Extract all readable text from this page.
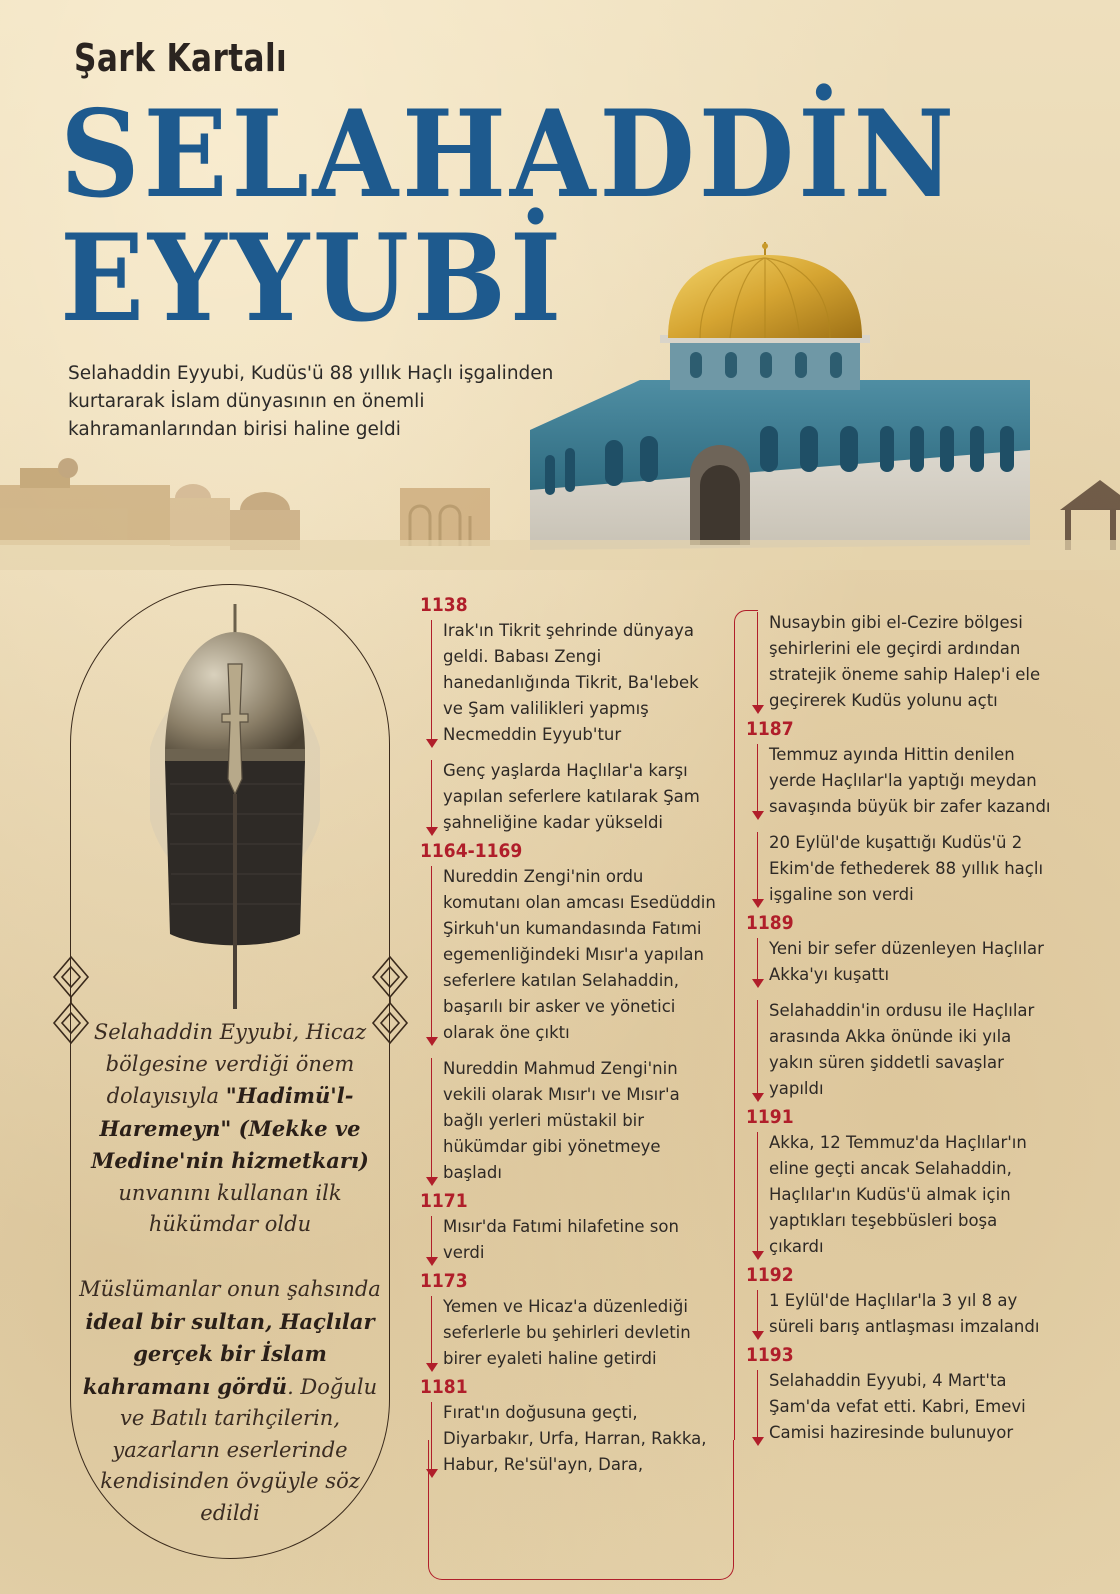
Şark Kartalı
SELAHADDİN
EYYUBİ
Selahaddin Eyyubi, Kudüs'ü 88 yıllık Haçlı işgalinden kurtararak İslam dünyasının en önemli kahramanlarından birisi haline geldi
Selahaddin Eyyubi, Hicaz bölgesine verdiği önem dolayısıyla "Hadimü'l-Haremeyn" (Mekke ve Medine'nin hizmetkarı) unvanını kullanan ilk hükümdar oldu
Müslümanlar onun şahsında ideal bir sultan, Haçlılar gerçek bir İslam kahramanı gördü. Doğulu ve Batılı tarihçilerin, yazarların eserlerinde kendisinden övgüyle söz edildi
1138
Irak'ın Tikrit şehrinde dünyaya geldi. Babası Zengi hanedanlığında Tikrit, Ba'lebek ve Şam valilikleri yapmış Necmeddin Eyyub'tur
Genç yaşlarda Haçlılar'a karşı yapılan seferlere katılarak Şam şahneliğine kadar yükseldi
1164-1169
Nureddin Zengi'nin ordu komutanı olan amcası Esedüddin Şirkuh'un kumandasında Fatımi egemenliğindeki Mısır'a yapılan seferlere katılan Selahaddin, başarılı bir asker ve yönetici olarak öne çıktı
Nureddin Mahmud Zengi'nin vekili olarak Mısır'ı ve Mısır'a bağlı yerleri müstakil bir hükümdar gibi yönetmeye başladı
1171
Mısır'da Fatımi hilafetine son verdi
1173
Yemen ve Hicaz'a düzenlediği seferlerle bu şehirleri devletin birer eyaleti haline getirdi
1181
Fırat'ın doğusuna geçti, Diyarbakır, Urfa, Harran, Rakka, Habur, Re'sül'ayn, Dara,
Nusaybin gibi el-Cezire bölgesi şehirlerini ele geçirdi ardından stratejik öneme sahip Halep'i ele geçirerek Kudüs yolunu açtı
1187
Temmuz ayında Hittin denilen yerde Haçlılar'la yaptığı meydan savaşında büyük bir zafer kazandı
20 Eylül'de kuşattığı Kudüs'ü 2 Ekim'de fethederek 88 yıllık haçlı işgaline son verdi
1189
Yeni bir sefer düzenleyen Haçlılar Akka'yı kuşattı
Selahaddin'in ordusu ile Haçlılar arasında Akka önünde iki yıla yakın süren şiddetli savaşlar yapıldı
1191
Akka, 12 Temmuz'da Haçlılar'ın eline geçti ancak Selahaddin, Haçlılar'ın Kudüs'ü almak için yaptıkları teşebbüsleri boşa çıkardı
1192
1 Eylül'de Haçlılar'la 3 yıl 8 ay süreli barış antlaşması imzalandı
1193
Selahaddin Eyyubi, 4 Mart'ta Şam'da vefat etti. Kabri, Emevi Camisi haziresinde bulunuyor
